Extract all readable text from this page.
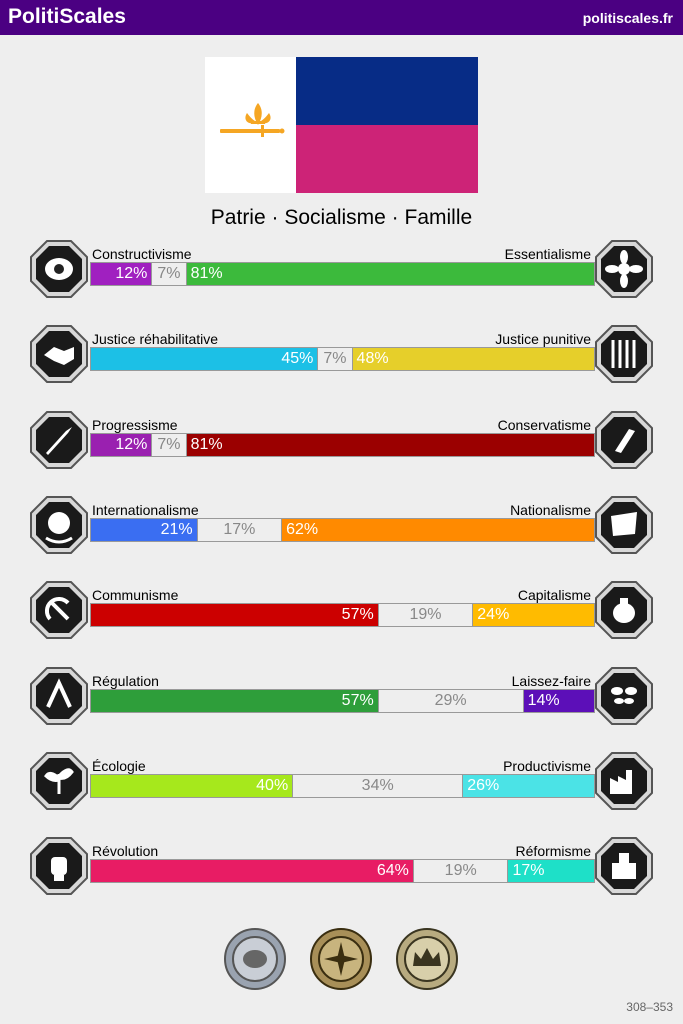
PolitiScales	politiscales.fr
Patrie · Socialisme · Famille
Constructivisme	Essentialisme
12% 7% 81%
Justice réhabilitative	Justice punitive
45% 7% 48%
Progressisme	Conservatisme
12% 7% 81%
Internationalisme	Nationalisme
21%	17%	62%
Communisme	Capitalisme
57%	19%	24%
Régulation	Laissez-faire
57%	29%	14%
Écologie	Productivisme
40%	34%	26%
Révolution	Réformisme
64%	19%	17%
308–353
